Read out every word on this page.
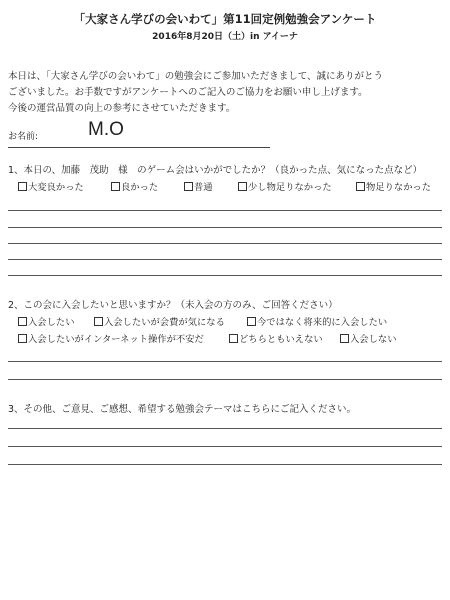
「大家さん学びの会いわて」第11回定例勉強会アンケート
2016年8月20日（土）in アイーナ
本日は、「大家さん学びの会いわて」の勉強会にご参加いただきまして、誠にありがとう
ございました。お手数ですがアンケートへのご記入のご協力をお願い申し上げます。
今後の運営品質の向上の参考にさせていただきます。
お名前:	M.O
1、本日の、加藤　茂助　様　のゲーム会はいかがでしたか？（良かった点、気になった点など）
大変良かった	良かった	普通	少し物足りなかった	物足りなかった
2、この会に入会したいと思いますか？（未入会の方のみ、ご回答ください）
入会したい	入会したいが会費が気になる	今ではなく将来的に入会したい
入会したいがインターネット操作が不安だ	どちらともいえない	入会しない
3、その他、ご意見、ご感想、希望する勉強会テーマはこちらにご記入ください。
